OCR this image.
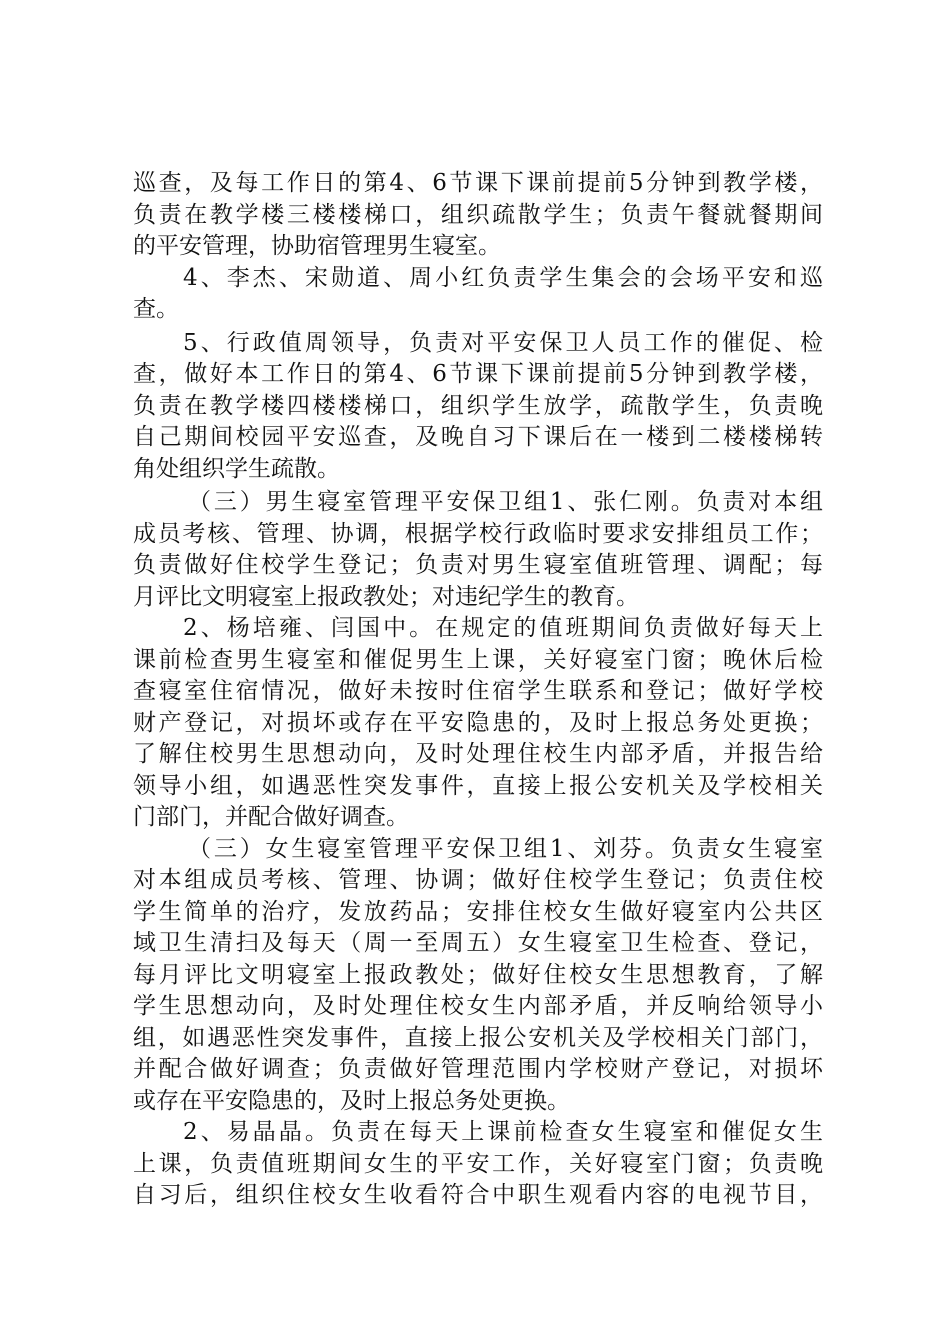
巡查，及每工作日的第4、6节课下课前提前5分钟到教学楼，
负责在教学楼三楼楼梯口，组织疏散学生；负责午餐就餐期间
的平安管理，协助宿管理男生寝室。
4、李杰、宋勋道、周小红负责学生集会的会场平安和巡
查。
5、行政值周领导，负责对平安保卫人员工作的催促、检
查，做好本工作日的第4、6节课下课前提前5分钟到教学楼，
负责在教学楼四楼楼梯口，组织学生放学，疏散学生，负责晚
自己期间校园平安巡查，及晚自习下课后在一楼到二楼楼梯转
角处组织学生疏散。
（三）男生寝室管理平安保卫组1、张仁刚。负责对本组
成员考核、管理、协调，根据学校行政临时要求安排组员工作；
负责做好住校学生登记；负责对男生寝室值班管理、调配；每
月评比文明寝室上报政教处；对违纪学生的教育。
2、杨培雍、闫国中。在规定的值班期间负责做好每天上
课前检查男生寝室和催促男生上课，关好寝室门窗；晚休后检
查寝室住宿情况，做好未按时住宿学生联系和登记；做好学校
财产登记，对损坏或存在平安隐患的，及时上报总务处更换；
了解住校男生思想动向，及时处理住校生内部矛盾，并报告给
领导小组，如遇恶性突发事件，直接上报公安机关及学校相关
门部门，并配合做好调查。
（三）女生寝室管理平安保卫组1、刘芬。负责女生寝室
对本组成员考核、管理、协调；做好住校学生登记；负责住校
学生简单的治疗，发放药品；安排住校女生做好寝室内公共区
域卫生清扫及每天（周一至周五）女生寝室卫生检查、登记，
每月评比文明寝室上报政教处；做好住校女生思想教育，了解
学生思想动向，及时处理住校女生内部矛盾，并反响给领导小
组，如遇恶性突发事件，直接上报公安机关及学校相关门部门，
并配合做好调查；负责做好管理范围内学校财产登记，对损坏
或存在平安隐患的，及时上报总务处更换。
2、易晶晶。负责在每天上课前检查女生寝室和催促女生
上课，负责值班期间女生的平安工作，关好寝室门窗；负责晚
自习后，组织住校女生收看符合中职生观看内容的电视节目，
